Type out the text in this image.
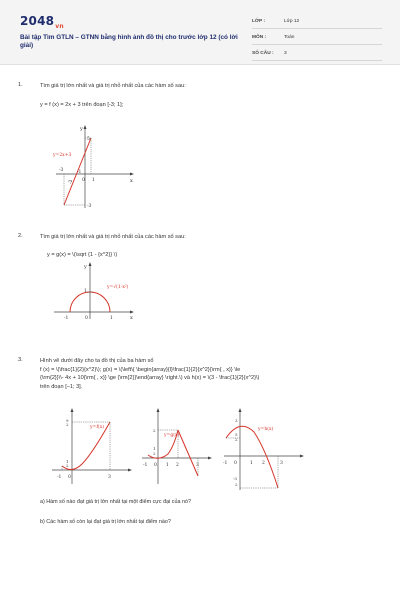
$2048_{vn}$
Bài tập Tìm GTLN – GTNN bằng hình ảnh đồ thị cho trước lớp 12 (có lời giải)
LỚP :	Lớp 12
MÔN :	Toán
SỐ CÂU : 3
1.	Tìm giá trị lớn nhất và giá trị nhỏ nhất của các hàm số sau:
y = f (x) = 2x + 3 trên đoạn [-3; 1];
x
y
y=2x+3
-3
0 1
5
-3
-2
-1
2.	Tìm giá trị lớn nhất và giá trị nhỏ nhất của các hàm số sau:
y = g(x) = \(\sqrt {1 - {x^2}} \)
y=√(1-x²)
-1	0	1
1
x
y
3.	Hình vẽ dưới đây cho ta đồ thị của ba hàm số
f (x) = \(\frac{1}{2}{x^2}\); g(x) = \(\left\{ \begin{array}{l}\frac{1}{2}{x^2}{\rm{ , x}} \le
{\rm{2}}\\- 4x + 10{\rm{ , x}} \ge {\rm{2}}\end{array} \right.\) và h(x) = \(3 - \frac{1}{2}{x^2}\)
trên đoạn [–1; 3].
y=f(x)
-1 0	3
9
2
1
2
y=g(x)
-1 0 1 2	3
2
1
2
y=h(x)
-1 0	1 2	3
3
5
2
-3
2
a) Hàm số nào đạt giá trị lớn nhất tại một điểm cực đại của nó?
b) Các hàm số còn lại đạt giá trị lớn nhất tại điểm nào?
